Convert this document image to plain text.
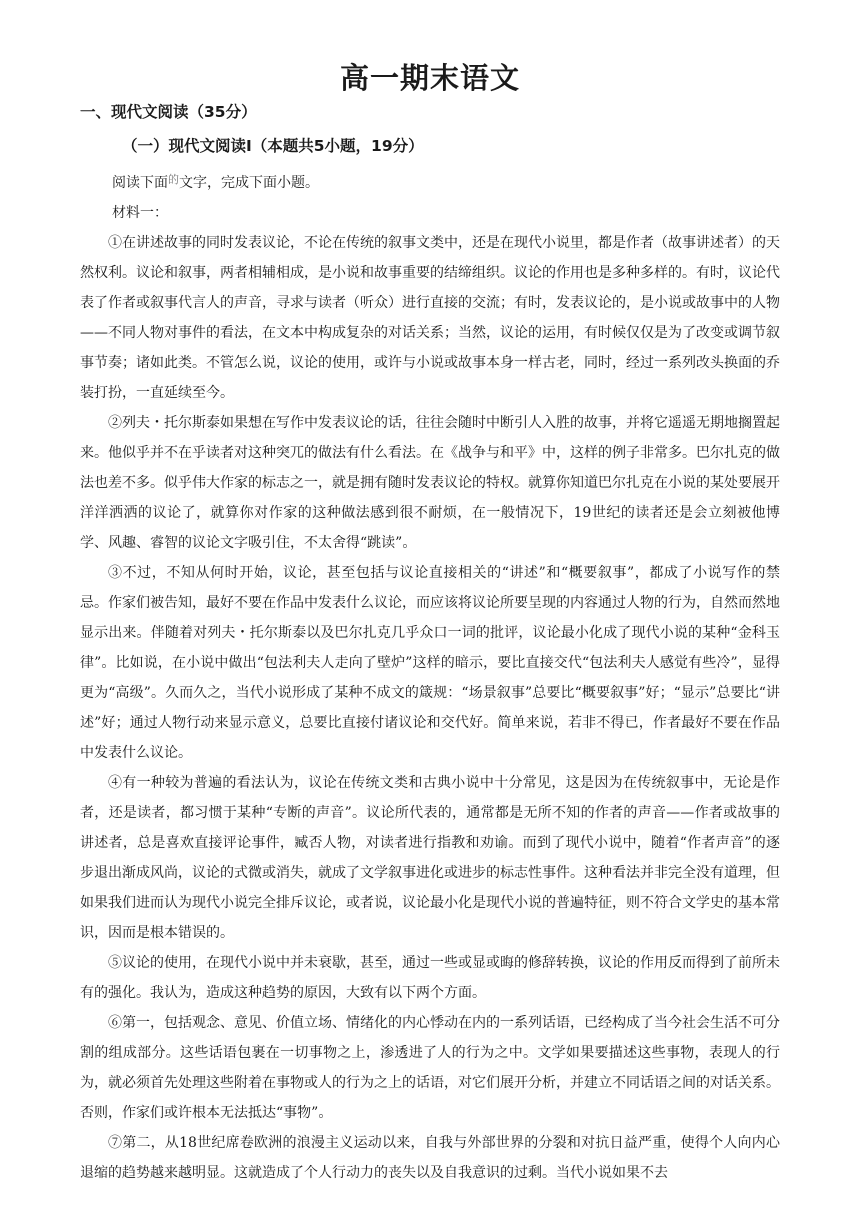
高一期末语文
一、现代文阅读（35分）
（一）现代文阅读Ⅰ（本题共5小题，19分）
阅读下面$^的$文字，完成下面小题。
材料一：

①在讲述故事的同时发表议论，不论在传统的叙事文类中，还是在现代小说里，都是作者（故事讲述者）的天然权利。议论和叙事，两者相辅相成，是小说和故事重要的结缔组织。议论的作用也是多种多样的。有时，议论代表了作者或叙事代言人的声音，寻求与读者（听众）进行直接的交流；有时，发表议论的，是小说或故事中的人物——不同人物对事件的看法，在文本中构成复杂的对话关系；当然，议论的运用，有时候仅仅是为了改变或调节叙事节奏；诸如此类。不管怎么说，议论的使用，或许与小说或故事本身一样古老，同时，经过一系列改头换面的乔装打扮，一直延续至今。

②列夫・托尔斯泰如果想在写作中发表议论的话，往往会随时中断引人入胜的故事，并将它遥遥无期地搁置起来。他似乎并不在乎读者对这种突兀的做法有什么看法。在《战争与和平》中，这样的例子非常多。巴尔扎克的做法也差不多。似乎伟大作家的标志之一，就是拥有随时发表议论的特权。就算你知道巴尔扎克在小说的某处要展开洋洋洒洒的议论了，就算你对作家的这种做法感到很不耐烦，在一般情况下，19世纪的读者还是会立刻被他博学、风趣、睿智的议论文字吸引住，不太舍得“跳读”。

③不过，不知从何时开始，议论，甚至包括与议论直接相关的“讲述”和“概要叙事”，都成了小说写作的禁忌。作家们被告知，最好不要在作品中发表什么议论，而应该将议论所要呈现的内容通过人物的行为，自然而然地显示出来。伴随着对列夫・托尔斯泰以及巴尔扎克几乎众口一词的批评，议论最小化成了现代小说的某种“金科玉律”。比如说，在小说中做出“包法利夫人走向了壁炉”这样的暗示，要比直接交代“包法利夫人感觉有些冷”，显得更为“高级”。久而久之，当代小说形成了某种不成文的箴规：“场景叙事”总要比“概要叙事”好；“显示”总要比“讲述”好；通过人物行动来显示意义，总要比直接付诸议论和交代好。简单来说，若非不得已，作者最好不要在作品中发表什么议论。

④有一种较为普遍的看法认为，议论在传统文类和古典小说中十分常见，这是因为在传统叙事中，无论是作者，还是读者，都习惯于某种“专断的声音”。议论所代表的，通常都是无所不知的作者的声音——作者或故事的讲述者，总是喜欢直接评论事件，臧否人物，对读者进行指教和劝谕。而到了现代小说中，随着“作者声音”的逐步退出渐成风尚，议论的式微或消失，就成了文学叙事进化或进步的标志性事件。这种看法并非完全没有道理，但如果我们进而认为现代小说完全排斥议论，或者说，议论最小化是现代小说的普遍特征，则不符合文学史的基本常识，因而是根本错误的。

⑤议论的使用，在现代小说中并未衰歇，甚至，通过一些或显或晦的修辞转换，议论的作用反而得到了前所未有的强化。我认为，造成这种趋势的原因，大致有以下两个方面。

⑥第一，包括观念、意见、价值立场、情绪化的内心悸动在内的一系列话语，已经构成了当今社会生活不可分割的组成部分。这些话语包裹在一切事物之上，渗透进了人的行为之中。文学如果要描述这些事物，表现人的行为，就必须首先处理这些附着在事物或人的行为之上的话语，对它们展开分析，并建立不同话语之间的对话关系。否则，作家们或许根本无法抵达“事物”。

⑦第二，从18世纪席卷欧洲的浪漫主义运动以来，自我与外部世界的分裂和对抗日益严重，使得个人向内心退缩的趋势越来越明显。这就造成了个人行动力的丧失以及自我意识的过剩。当代小说如果不去
